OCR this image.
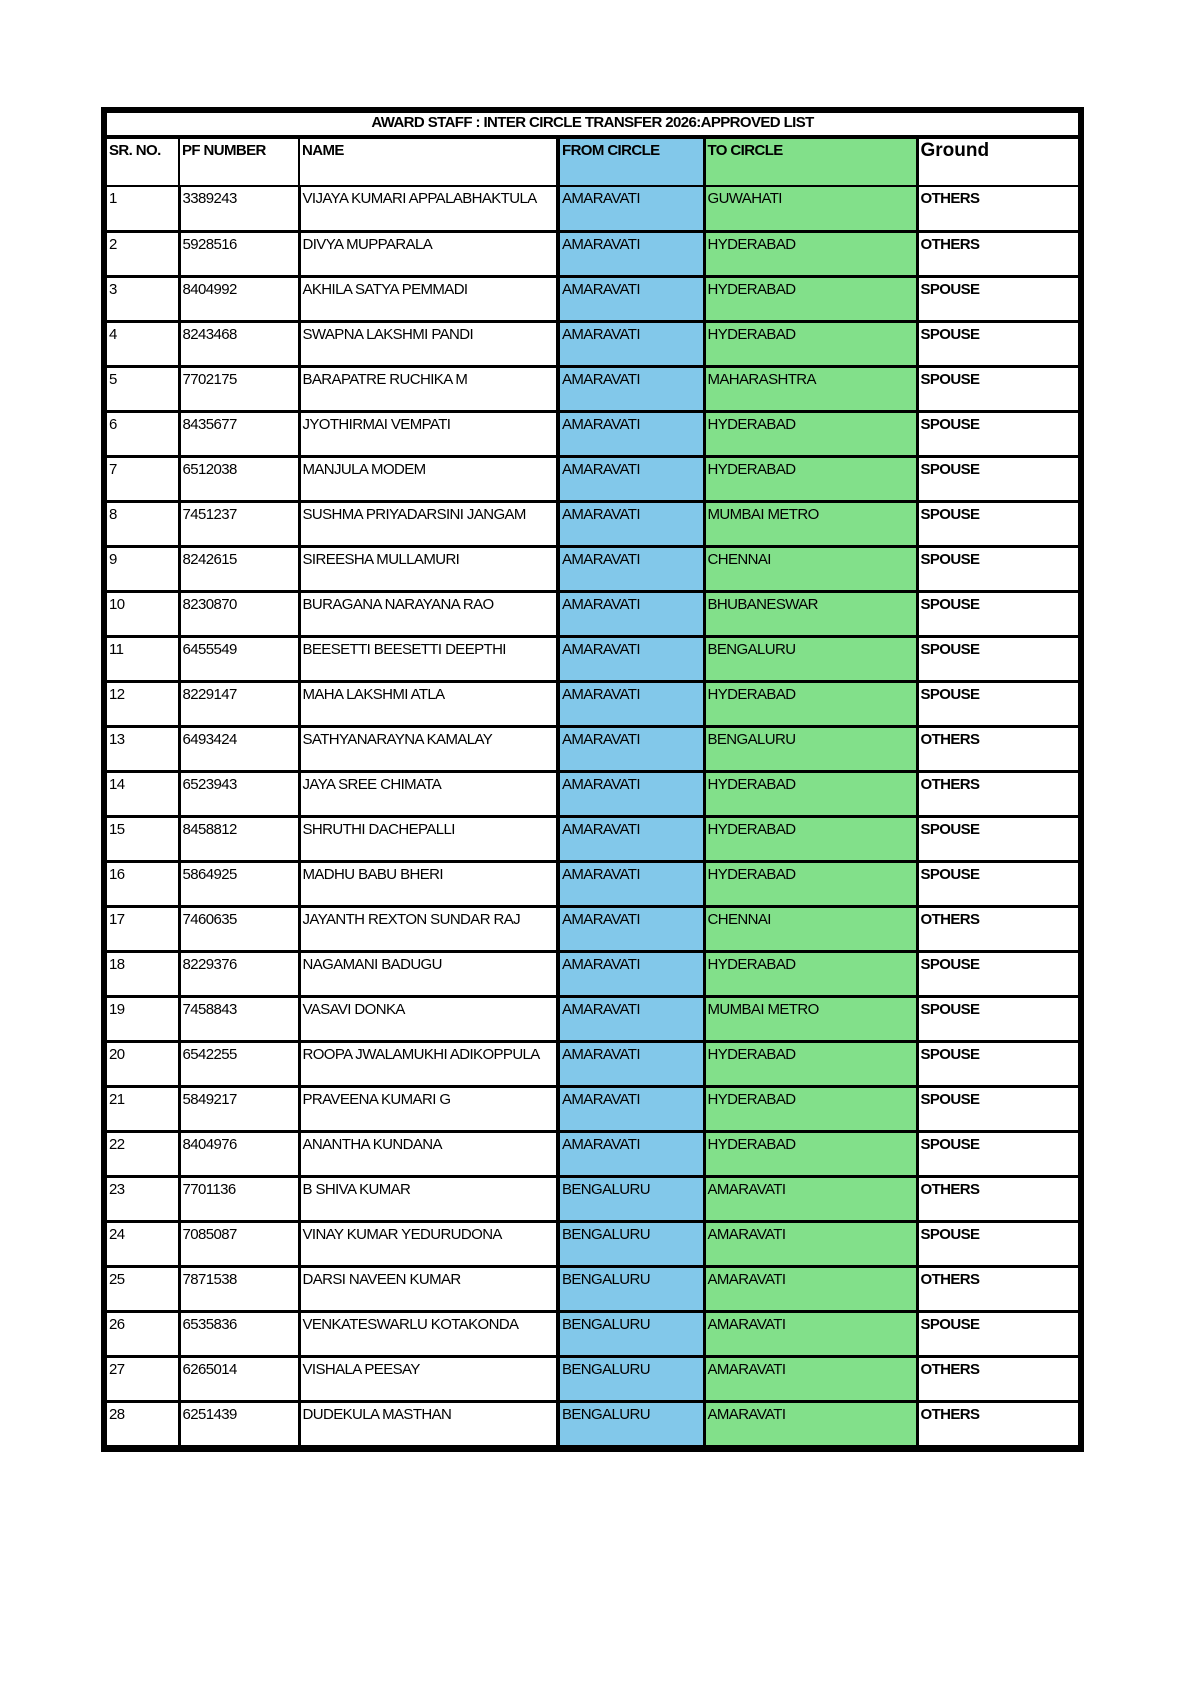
AWARD STAFF : INTER CIRCLE TRANSFER 2026:APPROVED LIST					
SR. NO.	PF NUMBER	NAME	FROM CIRCLE	TO CIRCLE	Ground
1	3389243	VIJAYA KUMARI APPALABHAKTULA	AMARAVATI	GUWAHATI	OTHERS
2	5928516	DIVYA MUPPARALA	AMARAVATI	HYDERABAD	OTHERS
3	8404992	AKHILA SATYA PEMMADI	AMARAVATI	HYDERABAD	SPOUSE
4	8243468	SWAPNA LAKSHMI PANDI	AMARAVATI	HYDERABAD	SPOUSE
5	7702175	BARAPATRE RUCHIKA M	AMARAVATI	MAHARASHTRA	SPOUSE
6	8435677	JYOTHIRMAI VEMPATI	AMARAVATI	HYDERABAD	SPOUSE
7	6512038	MANJULA MODEM	AMARAVATI	HYDERABAD	SPOUSE
8	7451237	SUSHMA PRIYADARSINI JANGAM	AMARAVATI	MUMBAI METRO	SPOUSE
9	8242615	SIREESHA MULLAMURI	AMARAVATI	CHENNAI	SPOUSE
10	8230870	BURAGANA NARAYANA RAO	AMARAVATI	BHUBANESWAR	SPOUSE
11	6455549	BEESETTI BEESETTI DEEPTHI	AMARAVATI	BENGALURU	SPOUSE
12	8229147	MAHA LAKSHMI ATLA	AMARAVATI	HYDERABAD	SPOUSE
13	6493424	SATHYANARAYNA KAMALAY	AMARAVATI	BENGALURU	OTHERS
14	6523943	JAYA SREE CHIMATA	AMARAVATI	HYDERABAD	OTHERS
15	8458812	SHRUTHI DACHEPALLI	AMARAVATI	HYDERABAD	SPOUSE
16	5864925	MADHU BABU BHERI	AMARAVATI	HYDERABAD	SPOUSE
17	7460635	JAYANTH REXTON SUNDAR RAJ	AMARAVATI	CHENNAI	OTHERS
18	8229376	NAGAMANI BADUGU	AMARAVATI	HYDERABAD	SPOUSE
19	7458843	VASAVI DONKA	AMARAVATI	MUMBAI METRO	SPOUSE
20	6542255	ROOPA JWALAMUKHI ADIKOPPULA	AMARAVATI	HYDERABAD	SPOUSE
21	5849217	PRAVEENA KUMARI G	AMARAVATI	HYDERABAD	SPOUSE
22	8404976	ANANTHA KUNDANA	AMARAVATI	HYDERABAD	SPOUSE
23	7701136	B SHIVA KUMAR	BENGALURU	AMARAVATI	OTHERS
24	7085087	VINAY KUMAR YEDURUDONA	BENGALURU	AMARAVATI	SPOUSE
25	7871538	DARSI NAVEEN KUMAR	BENGALURU	AMARAVATI	OTHERS
26	6535836	VENKATESWARLU KOTAKONDA	BENGALURU	AMARAVATI	SPOUSE
27	6265014	VISHALA PEESAY	BENGALURU	AMARAVATI	OTHERS
28	6251439	DUDEKULA MASTHAN	BENGALURU	AMARAVATI	OTHERS
